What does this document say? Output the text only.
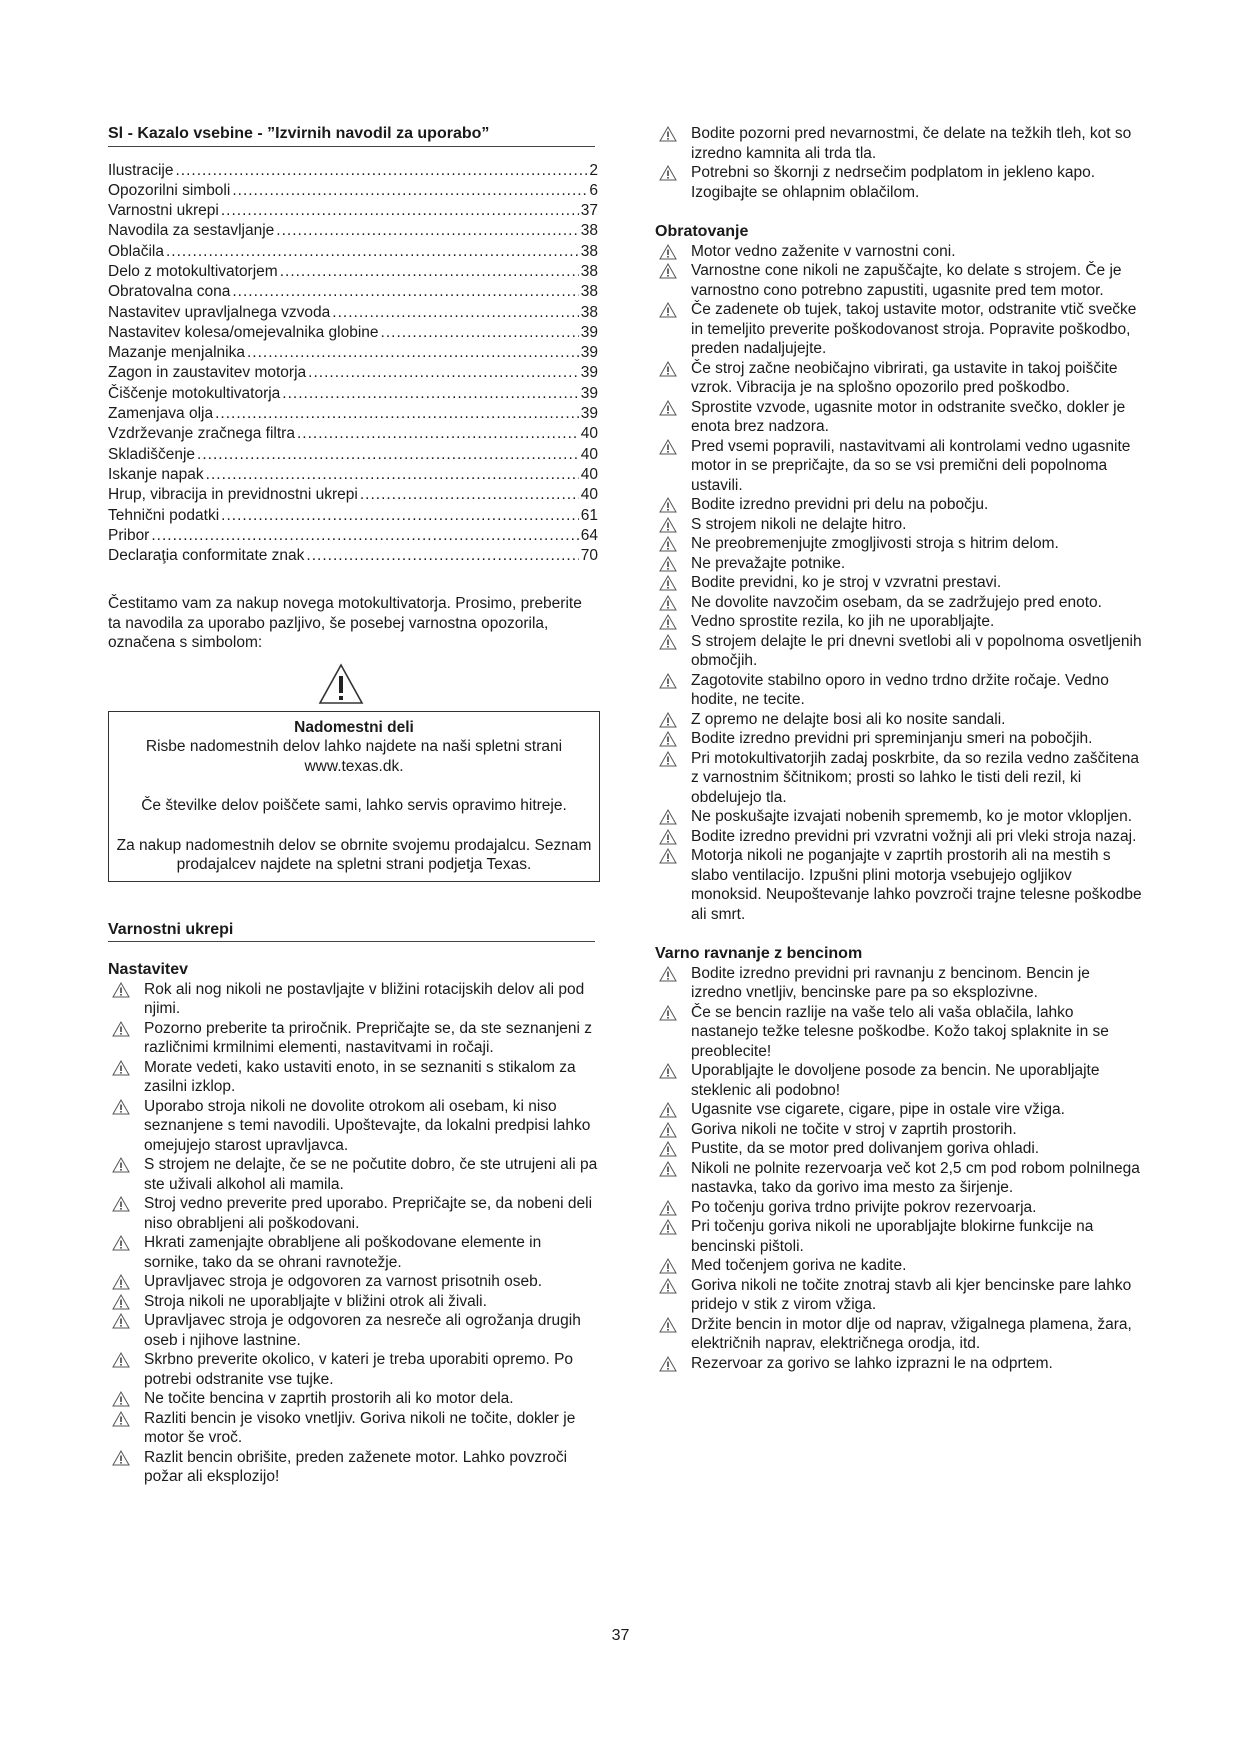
Sl - Kazalo vsebine - ”Izvirnih navodil za uporabo”
Ilustracije .....	2
Opozorilni simboli .....	6
Varnostni ukrepi .....	37
Navodila za sestavljanje .....	38
Oblačila .....	38
Delo z motokultivatorjem .....	38
Obratovalna cona .....	38
Nastavitev upravljalnega vzvoda .....	38
Nastavitev kolesa/omejevalnika globine .....	39
Mazanje menjalnika .....	39
Zagon in zaustavitev motorja .....	39
Čiščenje motokultivatorja .....	39
Zamenjava olja .....	39
Vzdrževanje zračnega filtra .....	40
Skladiščenje .....	40
Iskanje napak .....	40
Hrup, vibracija in previdnostni ukrepi .....	40
Tehnični podatki .....	61
Pribor .....	64
Declaraţia conformitate znak .....	70
Čestitamo vam za nakup novega motokultivatorja. Prosimo, preberite ta navodila za uporabo pazljivo, še posebej varnostna opozorila, označena s simbolom:

Nadomestni deli

Risbe nadomestnih delov lahko najdete na naši spletni strani www.texas.dk.

Če številke delov poiščete sami, lahko servis opravimo hitreje.

Za nakup nadomestnih delov se obrnite svojemu prodajalcu. Seznam prodajalcev najdete na spletni strani podjetja Texas.

Varnostni ukrepi
Nastavitev
Rok ali nog nikoli ne postavljajte v bližini rotacijskih delov ali pod njimi.
Pozorno preberite ta priročnik. Prepričajte se, da ste seznanjeni z različnimi krmilnimi elementi, nastavitvami in ročaji.
Morate vedeti, kako ustaviti enoto, in se seznaniti s stikalom za zasilni izklop.
Uporabo stroja nikoli ne dovolite otrokom ali osebam, ki niso seznanjene s temi navodili. Upoštevajte, da lokalni predpisi lahko omejujejo starost upravljavca.
S strojem ne delajte, če se ne počutite dobro, če ste utrujeni ali pa ste uživali alkohol ali mamila.
Stroj vedno preverite pred uporabo. Prepričajte se, da nobeni deli niso obrabljeni ali poškodovani.
Hkrati zamenjajte obrabljene ali poškodovane elemente in sornike, tako da se ohrani ravnotežje.
Upravljavec stroja je odgovoren za varnost prisotnih oseb.
Stroja nikoli ne uporabljajte v bližini otrok ali živali.
Upravljavec stroja je odgovoren za nesreče ali ogrožanja drugih oseb i njihove lastnine.
Skrbno preverite okolico, v kateri je treba uporabiti opremo. Po potrebi odstranite vse tujke.
Ne točite bencina v zaprtih prostorih ali ko motor dela.
Razliti bencin je visoko vnetljiv. Goriva nikoli ne točite, dokler je motor še vroč.
Razlit bencin obrišite, preden zaženete motor. Lahko povzroči požar ali eksplozijo!
Bodite pozorni pred nevarnostmi, če delate na težkih tleh, kot so izredno kamnita ali trda tla.
Potrebni so škornji z nedrsečim podplatom in jekleno kapo. Izogibajte se ohlapnim oblačilom.
Obratovanje
Motor vedno zaženite v varnostni coni.
Varnostne cone nikoli ne zapuščajte, ko delate s strojem. Če je varnostno cono potrebno zapustiti, ugasnite pred tem motor.
Če zadenete ob tujek, takoj ustavite motor, odstranite vtič svečke in temeljito preverite poškodovanost stroja. Popravite poškodbo, preden nadaljujejte.
Če stroj začne neobičajno vibrirati, ga ustavite in takoj poiščite vzrok. Vibracija je na splošno opozorilo pred poškodbo.
Sprostite vzvode, ugasnite motor in odstranite svečko, dokler je enota brez nadzora.
Pred vsemi popravili, nastavitvami ali kontrolami vedno ugasnite motor in se prepričajte, da so se vsi premični deli popolnoma ustavili.
Bodite izredno previdni pri delu na pobočju.
S strojem nikoli ne delajte hitro.
Ne preobremenjujte zmogljivosti stroja s hitrim delom.
Ne prevažajte potnike.
Bodite previdni, ko je stroj v vzvratni prestavi.
Ne dovolite navzočim osebam, da se zadržujejo pred enoto.
Vedno sprostite rezila, ko jih ne uporabljajte.
S strojem delajte le pri dnevni svetlobi ali v popolnoma osvetljenih območjih.
Zagotovite stabilno oporo in vedno trdno držite ročaje. Vedno hodite, ne tecite.
Z opremo ne delajte bosi ali ko nosite sandali.
Bodite izredno previdni pri spreminjanju smeri na pobočjih.
Pri motokultivatorjih zadaj poskrbite, da so rezila vedno zaščitena z varnostnim ščitnikom; prosti so lahko le tisti deli rezil, ki obdelujejo tla.
Ne poskušajte izvajati nobenih sprememb, ko je motor vklopljen.
Bodite izredno previdni pri vzvratni vožnji ali pri vleki stroja nazaj.
Motorja nikoli ne poganjajte v zaprtih prostorih ali na mestih s slabo ventilacijo. Izpušni plini motorja vsebujejo ogljikov monoksid. Neupoštevanje lahko povzroči trajne telesne poškodbe ali smrt.
Varno ravnanje z bencinom
Bodite izredno previdni pri ravnanju z bencinom. Bencin je izredno vnetljiv, bencinske pare pa so eksplozivne.
Če se bencin razlije na vaše telo ali vaša oblačila, lahko nastanejo težke telesne poškodbe. Kožo takoj splaknite in se preoblecite!
Uporabljajte le dovoljene posode za bencin. Ne uporabljajte steklenic ali podobno!
Ugasnite vse cigarete, cigare, pipe in ostale vire vžiga.
Goriva nikoli ne točite v stroj v zaprtih prostorih.
Pustite, da se motor pred dolivanjem goriva ohladi.
Nikoli ne polnite rezervoarja več kot 2,5 cm pod robom polnilnega nastavka, tako da gorivo ima mesto za širjenje.
Po točenju goriva trdno privijte pokrov rezervoarja.
Pri točenju goriva nikoli ne uporabljajte blokirne funkcije na bencinski pištoli.
Med točenjem goriva ne kadite.
Goriva nikoli ne točite znotraj stavb ali kjer bencinske pare lahko pridejo v stik z virom vžiga.
Držite bencin in motor dlje od naprav, vžigalnega plamena, žara, električnih naprav, električnega orodja, itd.
Rezervoar za gorivo se lahko izprazni le na odprtem.
37
